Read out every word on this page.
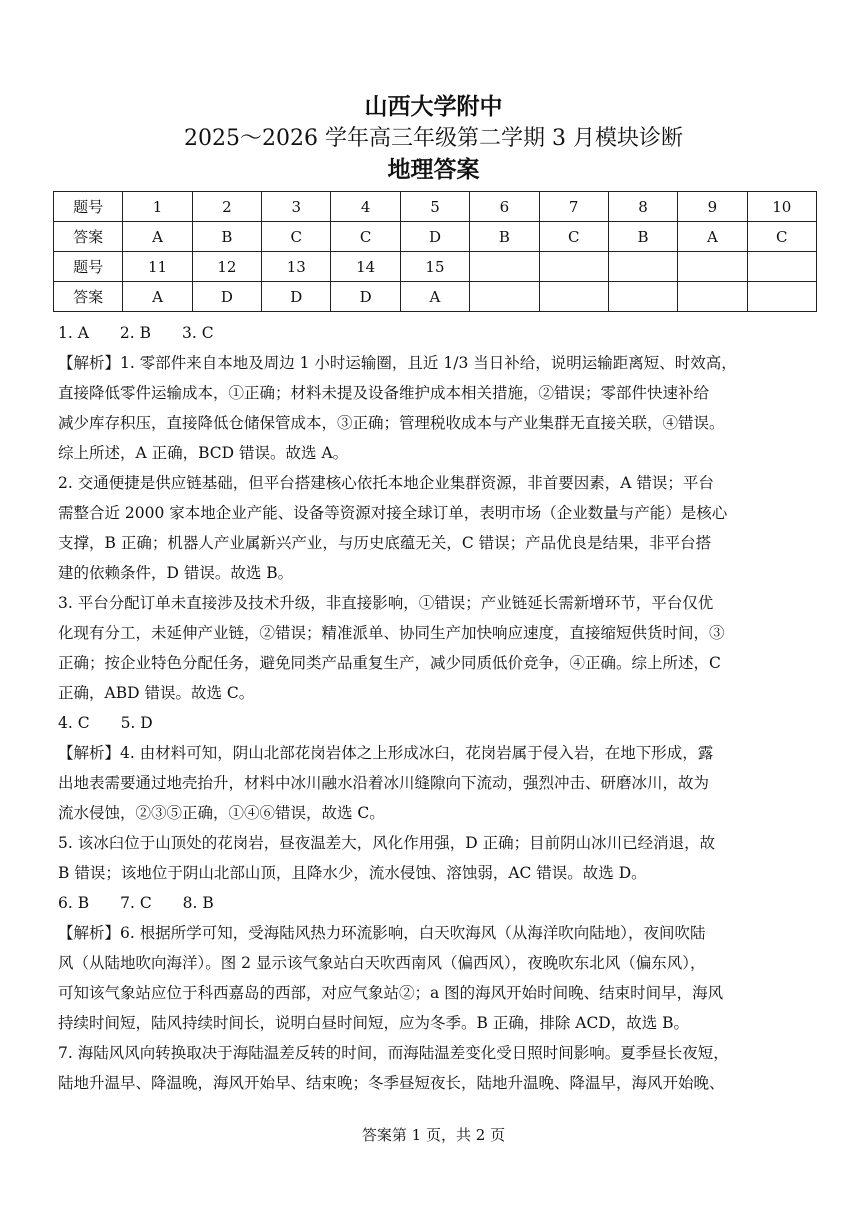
山西大学附中
2025～2026 学年高三年级第二学期 3 月模块诊断
地理答案
题号	1	2	3	4	5	6	7	8	9	10
答案	A	B	C	C	D	B	C	B	A	C
题号	11	12	13	14	15					
答案	A	D	D	D	A					

1. A　　2. B　　3. C

【解析】1. 零部件来自本地及周边 1 小时运输圈，且近 1/3 当日补给，说明运输距离短、时效高，

直接降低零件运输成本，①正确；材料未提及设备维护成本相关措施，②错误；零部件快速补给

减少库存积压，直接降低仓储保管成本，③正确；管理税收成本与产业集群无直接关联，④错误。

综上所述，A 正确，BCD 错误。故选 A。

2. 交通便捷是供应链基础，但平台搭建核心依托本地企业集群资源，非首要因素，A 错误；平台

需整合近 2000 家本地企业产能、设备等资源对接全球订单，表明市场（企业数量与产能）是核心

支撑，B 正确；机器人产业属新兴产业，与历史底蕴无关，C 错误；产品优良是结果，非平台搭

建的依赖条件，D 错误。故选 B。

3. 平台分配订单未直接涉及技术升级，非直接影响，①错误；产业链延长需新增环节，平台仅优

化现有分工，未延伸产业链，②错误；精准派单、协同生产加快响应速度，直接缩短供货时间，③

正确；按企业特色分配任务，避免同类产品重复生产，减少同质低价竞争，④正确。综上所述，C

正确，ABD 错误。故选 C。

4. C　　5. D

【解析】4. 由材料可知，阴山北部花岗岩体之上形成冰臼，花岗岩属于侵入岩，在地下形成，露

出地表需要通过地壳抬升，材料中冰川融水沿着冰川缝隙向下流动，强烈冲击、研磨冰川，故为

流水侵蚀，②③⑤正确，①④⑥错误，故选 C。

5. 该冰臼位于山顶处的花岗岩，昼夜温差大，风化作用强，D 正确；目前阴山冰川已经消退，故

B 错误；该地位于阴山北部山顶，且降水少，流水侵蚀、溶蚀弱，AC 错误。故选 D。

6. B　　7. C　　8. B

【解析】6. 根据所学可知，受海陆风热力环流影响，白天吹海风（从海洋吹向陆地），夜间吹陆

风（从陆地吹向海洋）。图 2 显示该气象站白天吹西南风（偏西风），夜晚吹东北风（偏东风），

可知该气象站应位于科西嘉岛的西部，对应气象站②；a 图的海风开始时间晚、结束时间早，海风

持续时间短，陆风持续时间长，说明白昼时间短，应为冬季。B 正确，排除 ACD，故选 B。

7. 海陆风风向转换取决于海陆温差反转的时间，而海陆温差变化受日照时间影响。夏季昼长夜短，

陆地升温早、降温晚，海风开始早、结束晚；冬季昼短夜长，陆地升温晚、降温早，海风开始晚、

答案第 1 页，共 2 页
